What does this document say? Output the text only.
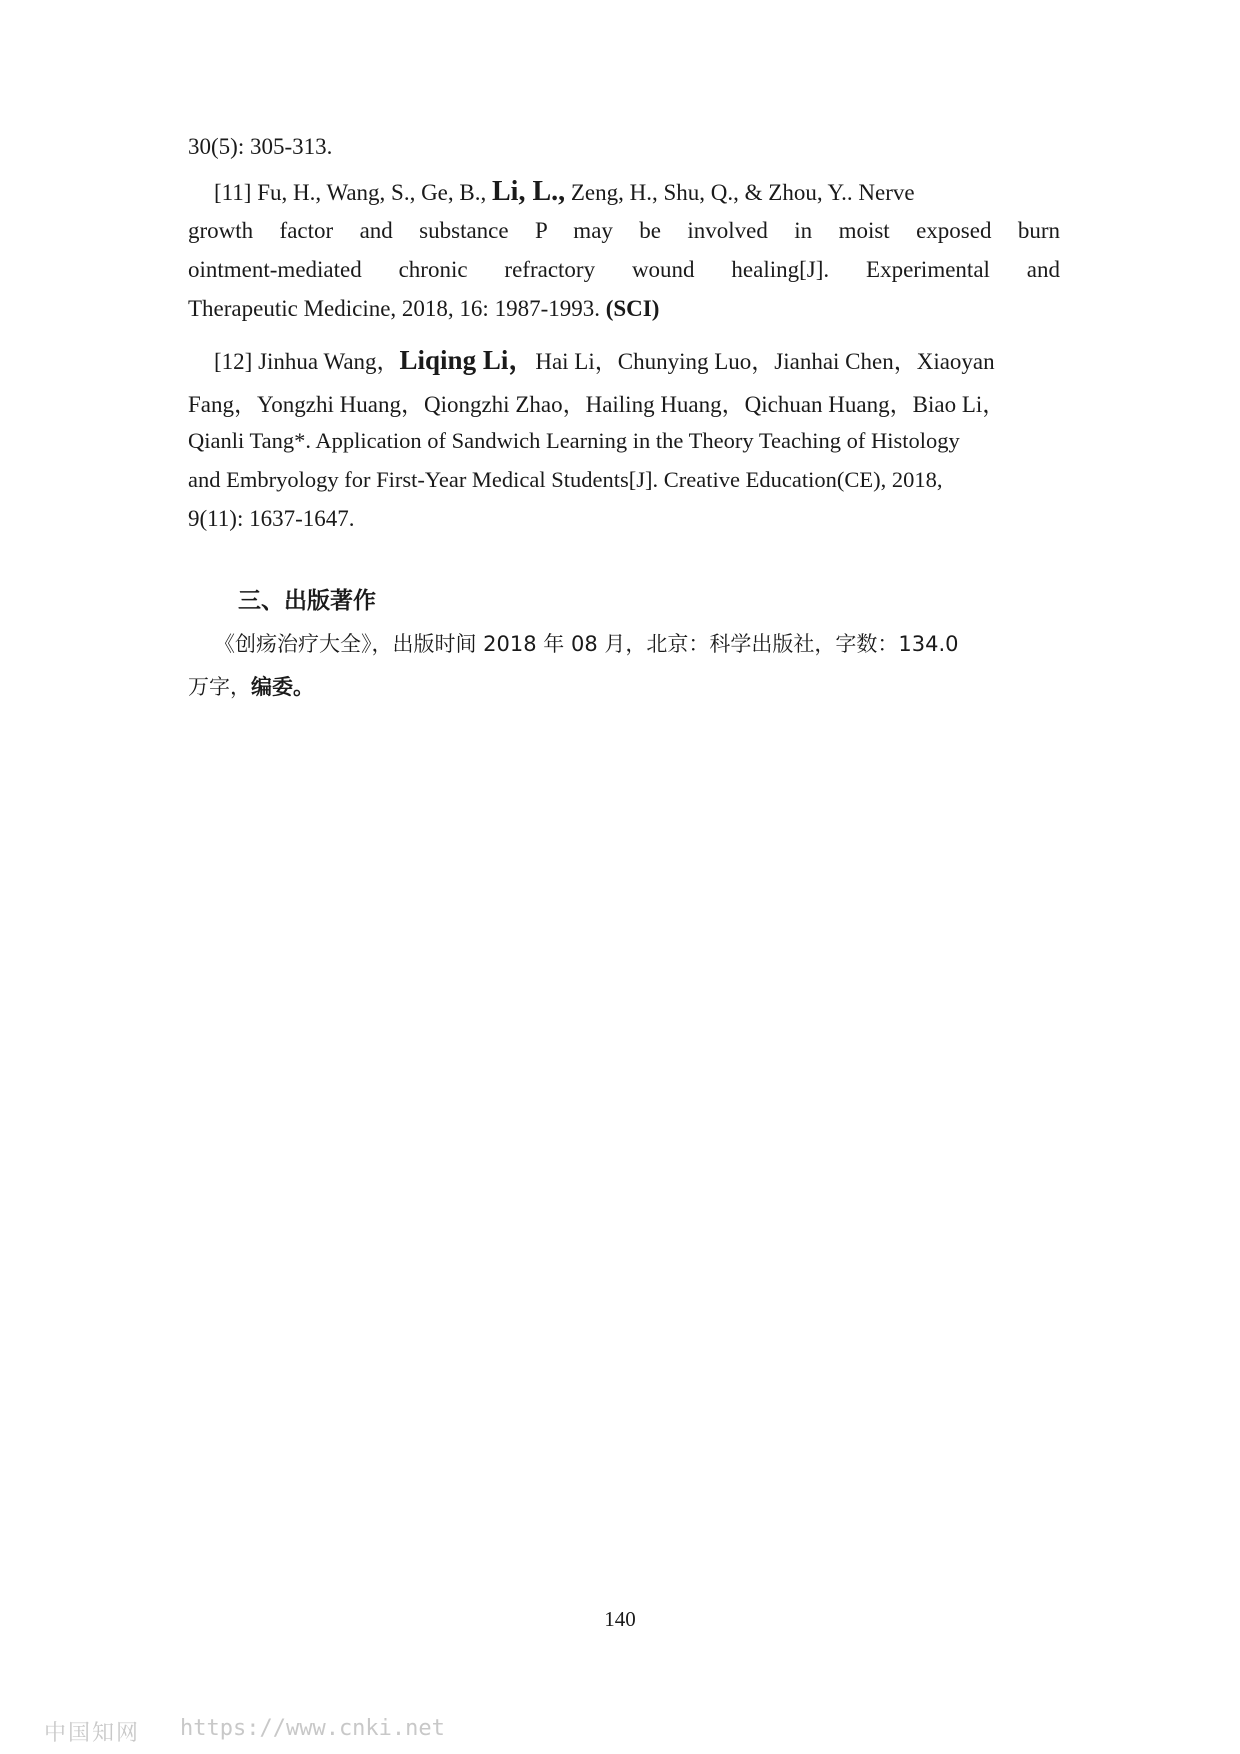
30(5): 305-313.
[11] Fu, H., Wang, S., Ge, B., Li, L., Zeng, H., Shu, Q., & Zhou, Y.. Nerve
growth factor and substance P may be involved in moist exposed burn
ointment-mediated chronic refractory wound healing[J]. Experimental and
Therapeutic Medicine, 2018, 16: 1987-1993. (SCI)
[12] Jinhua Wang，Liqing Li，Hai Li，Chunying Luo，Jianhai Chen，Xiaoyan
Fang，Yongzhi Huang，Qiongzhi Zhao，Hailing Huang，Qichuan Huang，Biao Li，
Qianli Tang*. Application of Sandwich Learning in the Theory Teaching of Histology
and Embryology for First-Year Medical Students[J]. Creative Education(CE), 2018,
9(11): 1637-1647.
三、出版著作
《创疡治疗大全》，出版时间 2018 年 08 月，北京：科学出版社，字数：134.0
万字，编委。
140
中国知网 https://www.cnki.net
